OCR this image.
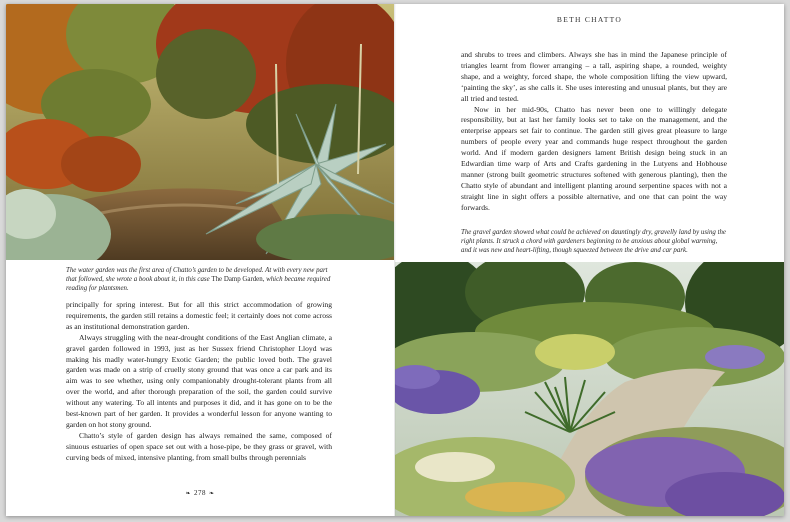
BETH CHATTO

and shrubs to trees and climbers. Always she has in mind the Japanese principle of triangles learnt from flower arranging – a tall, aspiring shape, a rounded, weighty shape, and a weighty, forced shape, the whole composition lifting the view upward, ‘painting the sky’, as she calls it. She uses interesting and unusual plants, but they are all tried and tested.

Now in her mid-90s, Chatto has never been one to willingly delegate responsibility, but at last her family looks set to take on the management, and the enterprise appears set fair to continue. The garden still gives great pleasure to large numbers of people every year and commands huge respect throughout the garden world. And if modern garden designers lament British design being stuck in an Edwardian time warp of Arts and Crafts gardening in the Lutyens and Hobhouse manner (strong built geometric structures softened with generous planting), then the Chatto style of abundant and intelligent planting around serpentine spaces with not a straight line in sight offers a possible alternative, and one that can point the way forwards.

The gravel garden showed what could be achieved on dauntingly dry, gravelly land by using the right plants. It struck a chord with gardeners beginning to be anxious about global warming, and it was new and heart-lifting, though squeezed between the drive and car park.

The water garden was the first area of Chatto’s garden to be developed. At with every new part that followed, she wrote a book about it, in this case The Damp Garden, which became required reading for plantsmen.

principally for spring interest. But for all this strict accommodation of growing requirements, the garden still retains a domestic feel; it certainly does not come across as an institutional demonstration garden.

Always struggling with the near-drought conditions of the East Anglian climate, a gravel garden followed in 1993, just as her Sussex friend Christopher Lloyd was making his madly water-hungry Exotic Garden; the public loved both. The gravel garden was made on a strip of cruelly stony ground that was once a car park and its aim was to see whether, using only companionably drought-tolerant plants from all over the world, and after thorough preparation of the soil, the garden could survive without any watering. To all intents and purposes it did, and it has gone on to be the best-known part of her garden. It provides a wonderful lesson for anyone wanting to garden on hot stony ground.

Chatto’s style of garden design has always remained the same, composed of sinuous estuaries of open space set out with a hose-pipe, be they grass or gravel, with curving beds of mixed, intensive planting, from small bulbs through perennials

❧ 278 ❧
